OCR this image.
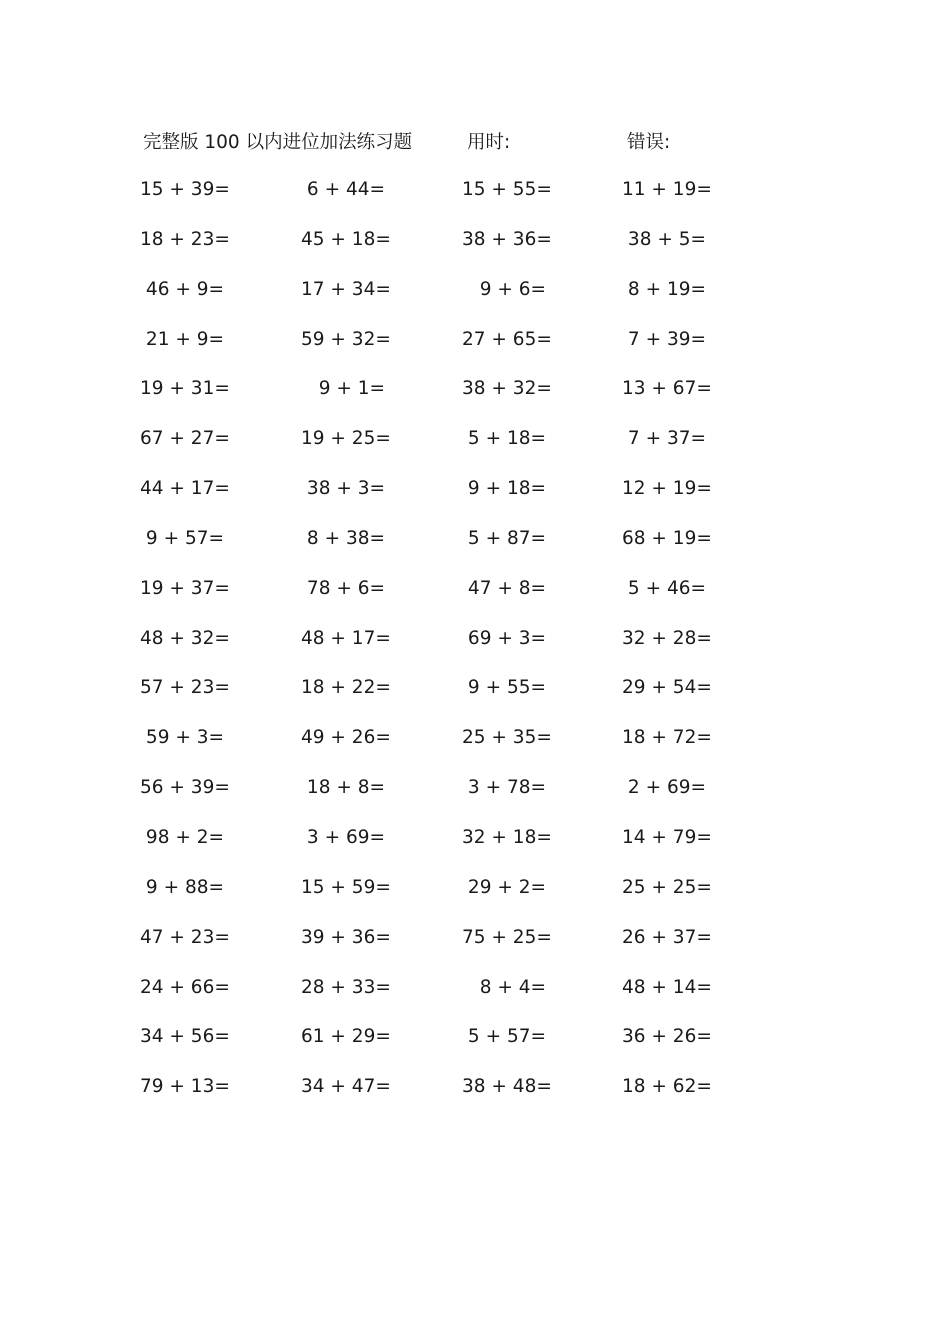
完整版 100 以内进位加法练习题	用时:	错误:
15 + 39=	6 + 44=	15 + 55=	11 + 19=
18 + 23=	45 + 18=	38 + 36=	38 + 5=
46 + 9=	17 + 34=	9 + 6=	8 + 19=
21 + 9=	59 + 32=	27 + 65=	7 + 39=
19 + 31=	9 + 1=	38 + 32=	13 + 67=
67 + 27=	19 + 25=	5 + 18=	7 + 37=
44 + 17=	38 + 3=	9 + 18=	12 + 19=
9 + 57=	8 + 38=	5 + 87=	68 + 19=
19 + 37=	78 + 6=	47 + 8=	5 + 46=
48 + 32=	48 + 17=	69 + 3=	32 + 28=
57 + 23=	18 + 22=	9 + 55=	29 + 54=
59 + 3=	49 + 26=	25 + 35=	18 + 72=
56 + 39=	18 + 8=	3 + 78=	2 + 69=
98 + 2=	3 + 69=	32 + 18=	14 + 79=
9 + 88=	15 + 59=	29 + 2=	25 + 25=
47 + 23=	39 + 36=	75 + 25=	26 + 37=
24 + 66=	28 + 33=	8 + 4=	48 + 14=
34 + 56=	61 + 29=	5 + 57=	36 + 26=
79 + 13=	34 + 47=	38 + 48=	18 + 62=
